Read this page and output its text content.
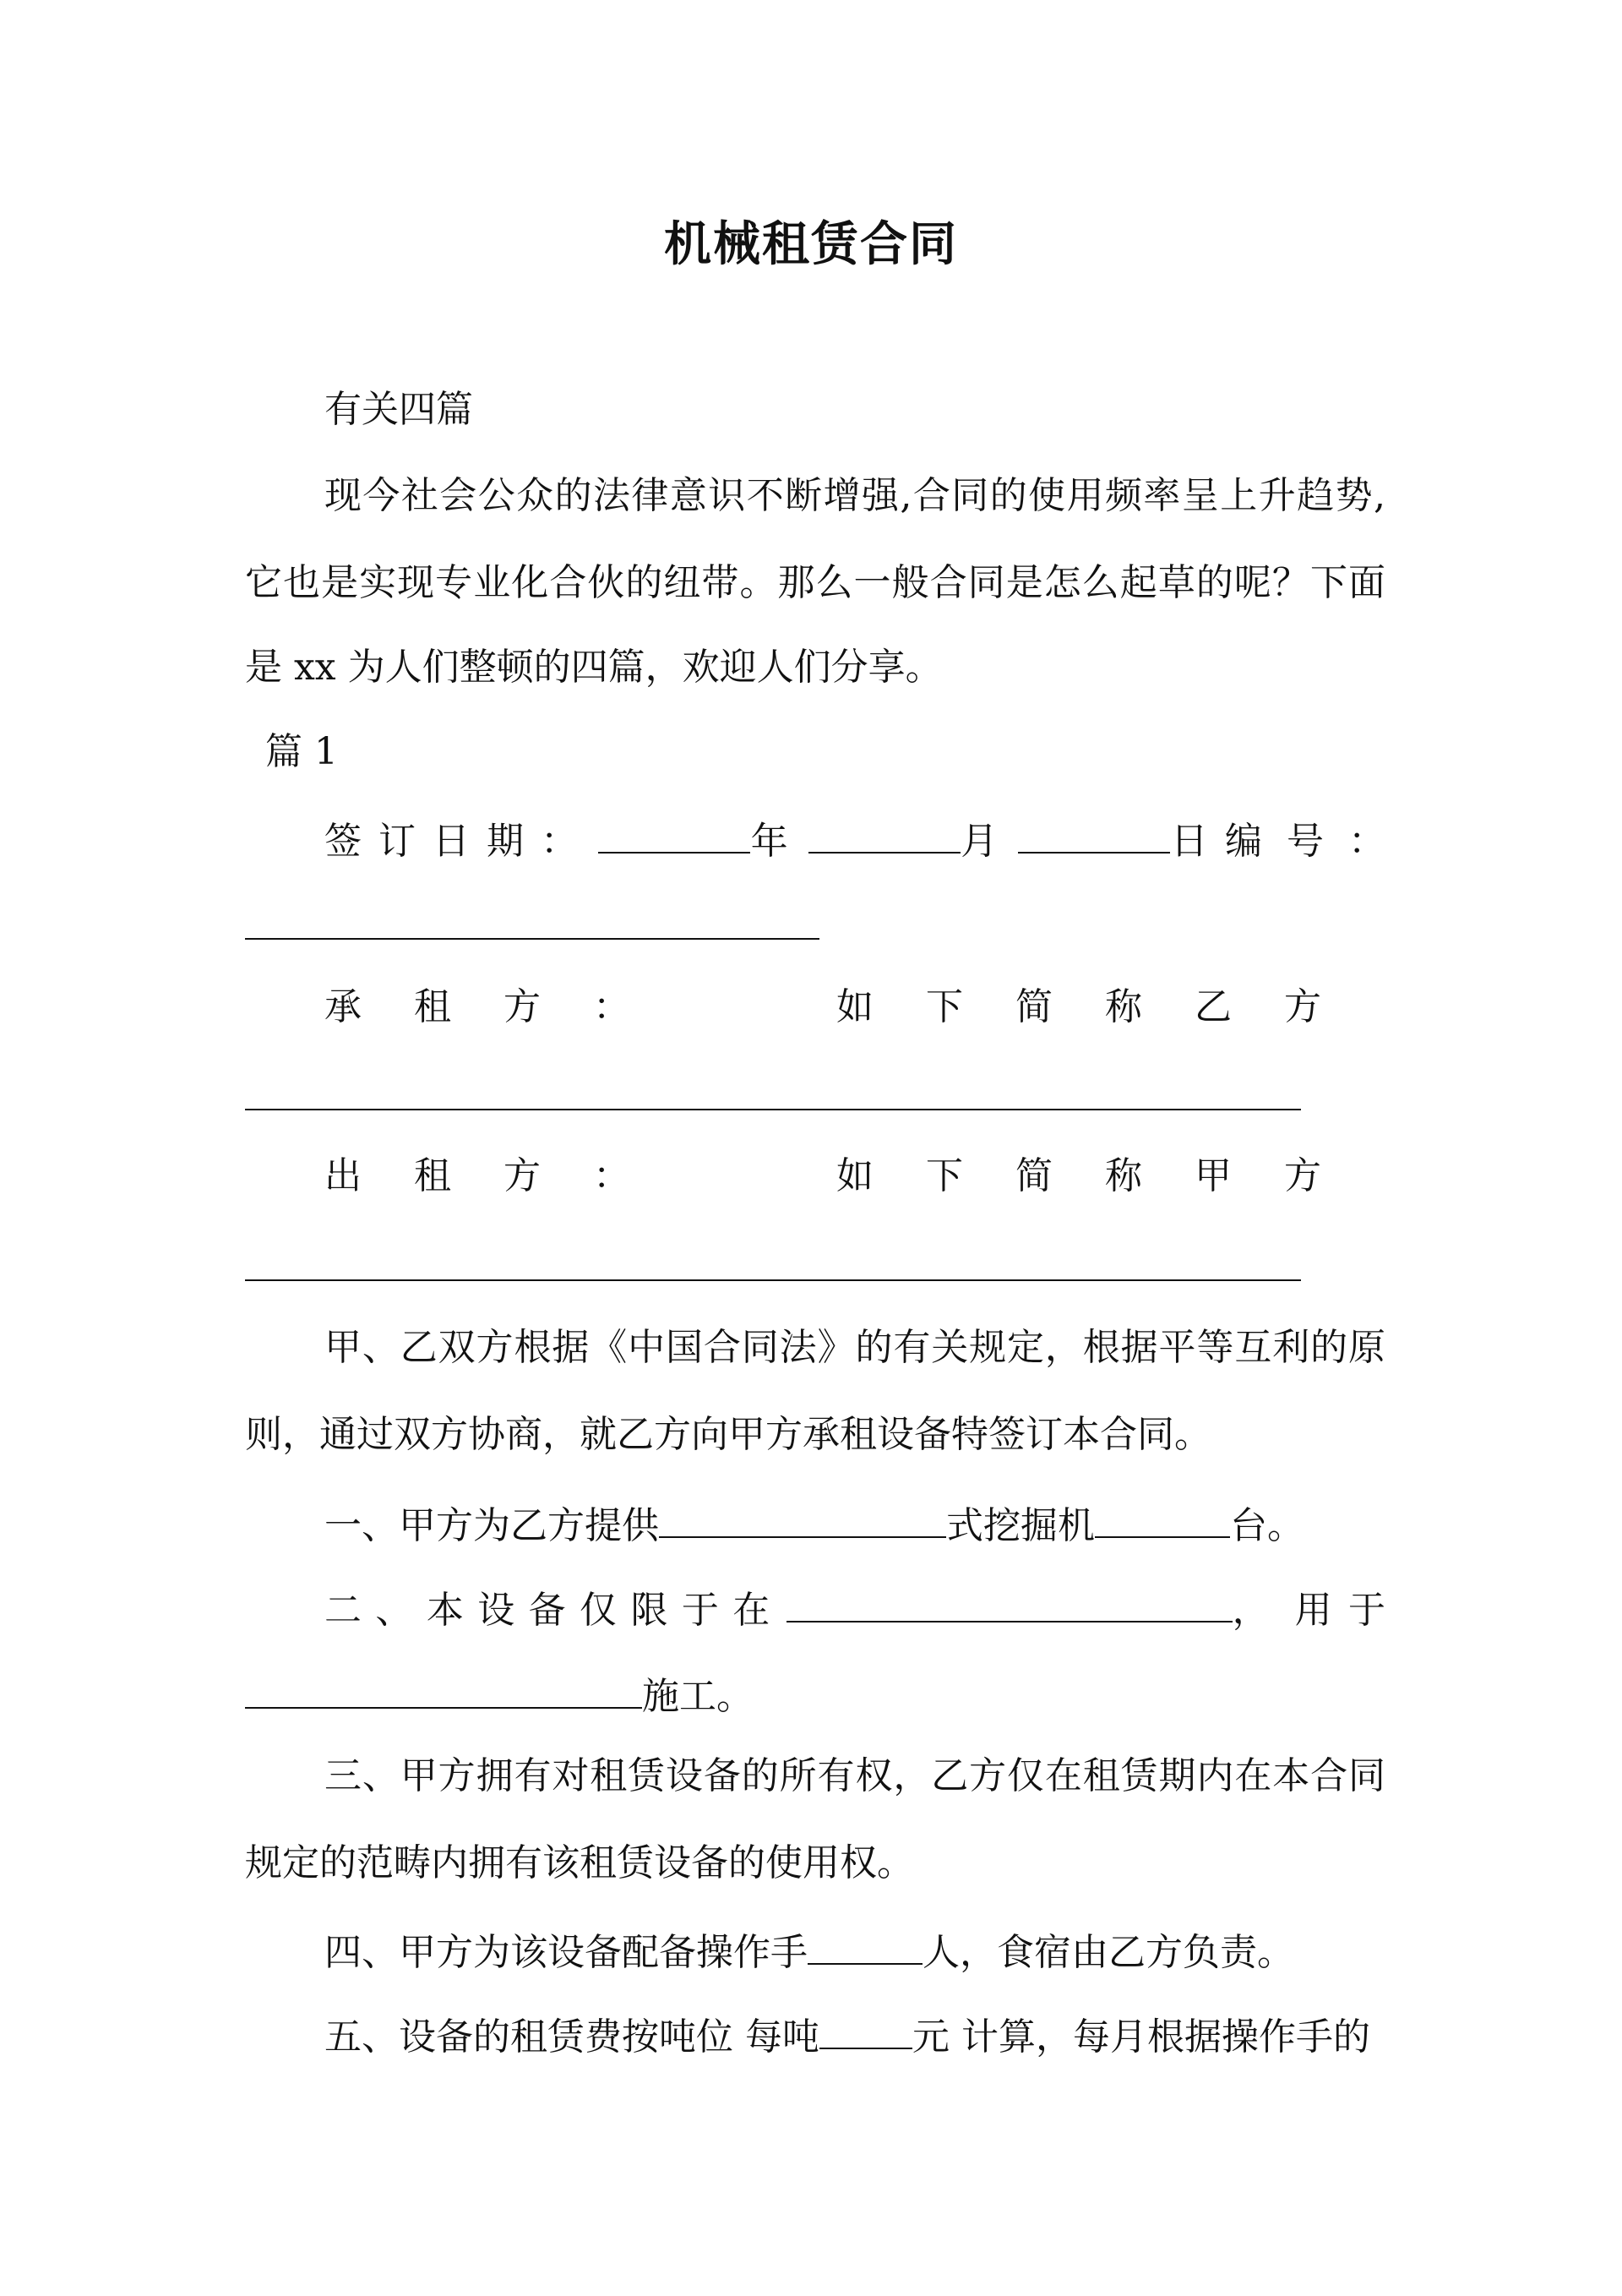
机械租赁合同
有关四篇
现今社会公众的法律意识不断增强,合同的使用频率呈上升趋势,
它也是实现专业化合伙的纽带。那么一般合同是怎么起草的呢？下面
是 xx 为人们整顿的四篇，欢迎人们分享。
篇 1
签 订 日 期 ：	年	月	日 编 号 ：
承 租 方 ：	如 下 简 称 乙 方
出 租 方 ：	如 下 简 称 甲 方
甲、乙双方根据《中国合同法》的有关规定，根据平等互利的原
则，通过双方协商，就乙方向甲方承租设备特签订本合同。
一、甲方为乙方提供	式挖掘机	台。
二 、 本 设 备 仅 限 于 在	， 用 于
施工。
三、甲方拥有对租赁设备的所有权，乙方仅在租赁期内在本合同
规定的范畴内拥有该租赁设备的使用权。
四、甲方为该设备配备操作手	人，食宿由乙方负责。
五、设备的租赁费按吨位 每吨	元 计算，每月根据操作手的
